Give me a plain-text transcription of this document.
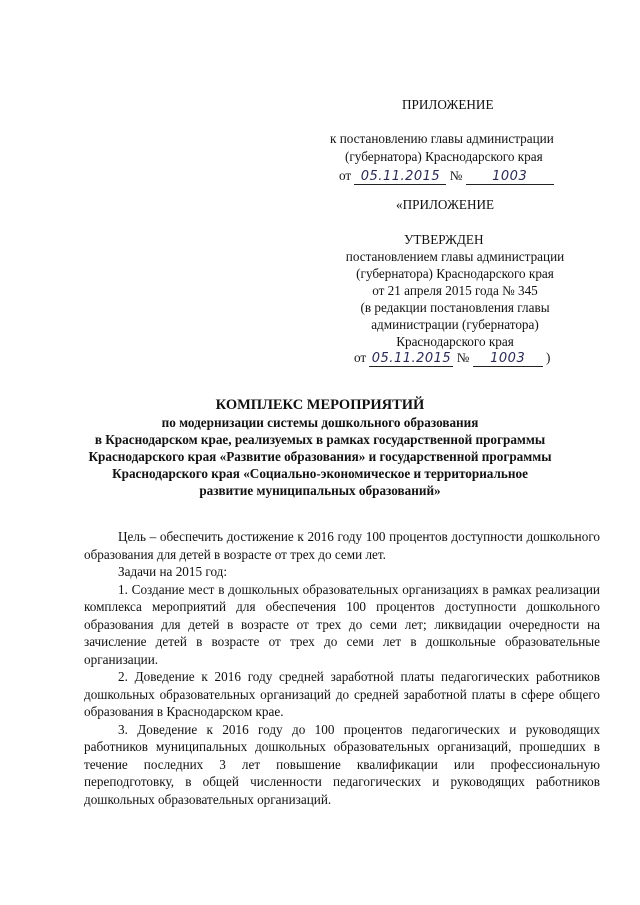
ПРИЛОЖЕНИЕ
к постановлению главы администрации
(губернатора) Краснодарского края
от 05.11.2015 № 1003
«ПРИЛОЖЕНИЕ
УТВЕРЖДЕН
постановлением главы администрации
(губернатора) Краснодарского края
от 21 апреля 2015 года № 345
(в редакции постановления главы
администрации (губернатора)
Краснодарского края
от 05.11.2015 № 1003 )
КОМПЛЕКС МЕРОПРИЯТИЙ
по модернизации системы дошкольного образования
в Краснодарском крае, реализуемых в рамках государственной программы
Краснодарского края «Развитие образования» и государственной программы
Краснодарского края «Социально-экономическое и территориальное
развитие муниципальных образований»

Цель – обеспечить достижение к 2016 году 100 процентов доступности дошкольного образования для детей в возрасте от трех до семи лет.

Задачи на 2015 год:

1. Создание мест в дошкольных образовательных организациях в рамках реализации комплекса мероприятий для обеспечения 100 процентов доступности дошкольного образования для детей в возрасте от трех до семи лет; ликвидации очередности на зачисление детей в возрасте от трех до семи лет в дошкольные образовательные организации.

2. Доведение к 2016 году средней заработной платы педагогических работников дошкольных образовательных организаций до средней заработной платы в сфере общего образования в Краснодарском крае.

3. Доведение к 2016 году до 100 процентов педагогических и руководящих работников муниципальных дошкольных образовательных организаций, прошедших в течение последних 3 лет повышение квалификации или профессиональную переподготовку, в общей численности педагогических и руководящих работников дошкольных образовательных организаций.
